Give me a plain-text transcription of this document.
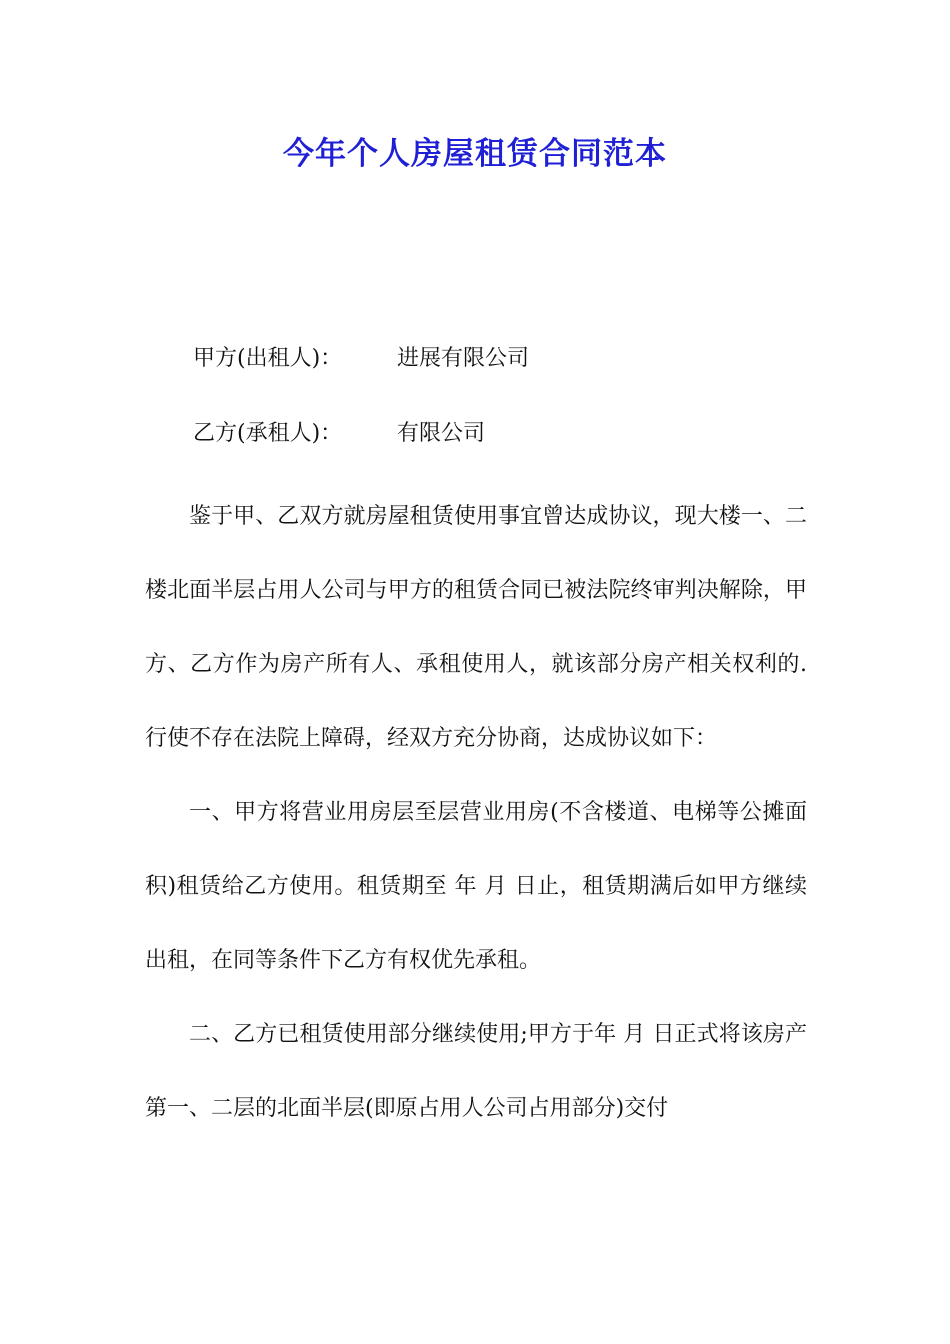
今年个人房屋租赁合同范本
甲方(出租人)： 进展有限公司
乙方(承租人)： 有限公司

鉴于甲、乙双方就房屋租赁使用事宜曾达成协议，现大楼一、二楼北面半层占用人公司与甲方的租赁合同已被法院终审判决解除，甲方、乙方作为房产所有人、承租使用人，就该部分房产相关权利的.行使不存在法院上障碍，经双方充分协商，达成协议如下：

一、甲方将营业用房层至层营业用房(不含楼道、电梯等公摊面积)租赁给乙方使用。租赁期至 年 月 日止，租赁期满后如甲方继续出租，在同等条件下乙方有权优先承租。

二、乙方已租赁使用部分继续使用;甲方于年 月 日正式将该房产第一、二层的北面半层(即原占用人公司占用部分)交付
